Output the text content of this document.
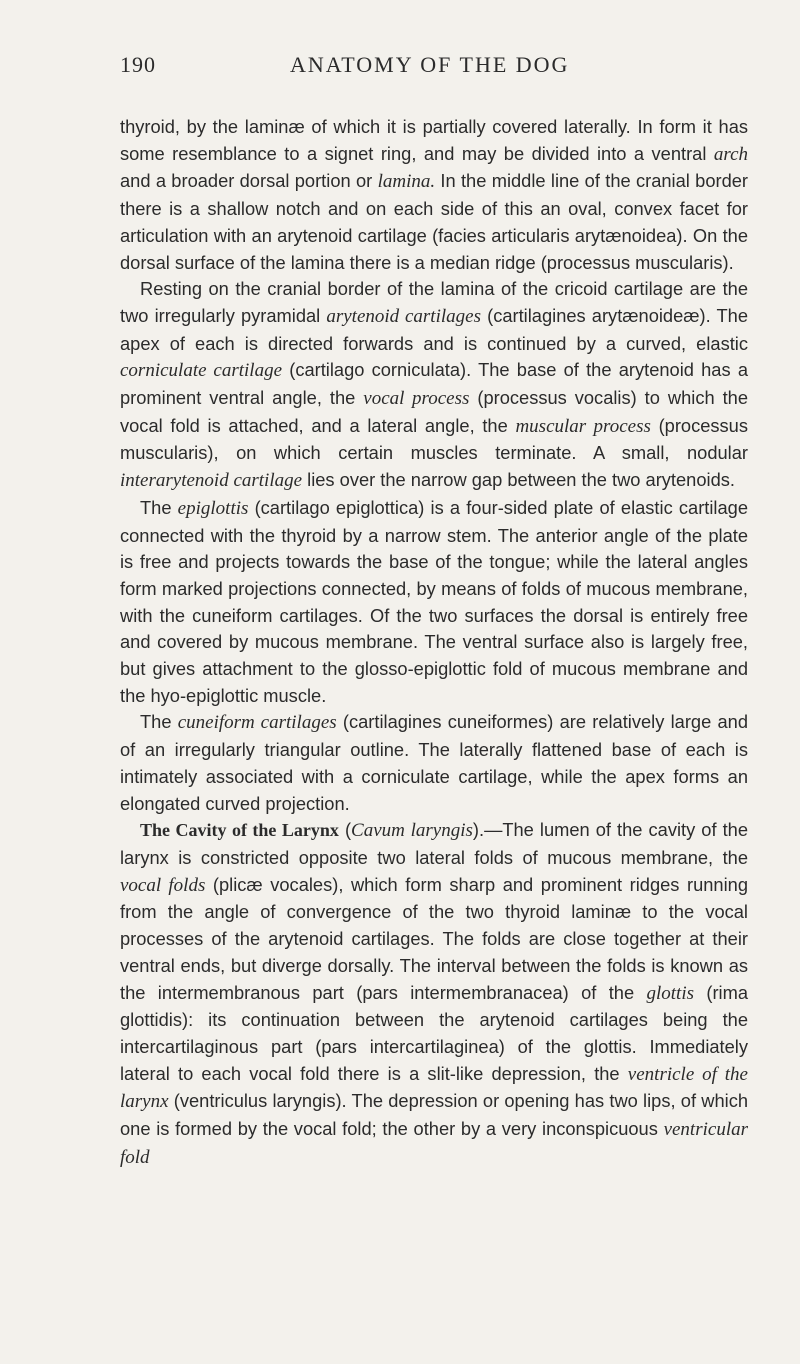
190	ANATOMY OF THE DOG

thyroid, by the laminæ of which it is partially covered laterally. In form it has some resemblance to a signet ring, and may be divided into a ventral arch and a broader dorsal portion or lamina. In the middle line of the cranial border there is a shallow notch and on each side of this an oval, convex facet for articulation with an arytenoid cartilage (facies articularis arytænoidea). On the dorsal surface of the lamina there is a median ridge (processus muscularis).

Resting on the cranial border of the lamina of the cricoid cartilage are the two irregularly pyramidal arytenoid cartilages (cartilagines arytænoideæ). The apex of each is directed forwards and is continued by a curved, elastic corniculate cartilage (cartilago corniculata). The base of the arytenoid has a prominent ventral angle, the vocal process (processus vocalis) to which the vocal fold is attached, and a lateral angle, the muscular process (processus muscularis), on which certain muscles terminate. A small, nodular interarytenoid cartilage lies over the narrow gap between the two arytenoids.

The epiglottis (cartilago epiglottica) is a four-sided plate of elastic cartilage connected with the thyroid by a narrow stem. The anterior angle of the plate is free and projects towards the base of the tongue; while the lateral angles form marked projections connected, by means of folds of mucous membrane, with the cuneiform cartilages. Of the two surfaces the dorsal is entirely free and covered by mucous membrane. The ventral surface also is largely free, but gives attachment to the glosso-epiglottic fold of mucous membrane and the hyo-epiglottic muscle.

The cuneiform cartilages (cartilagines cuneiformes) are relatively large and of an irregularly triangular outline. The laterally flattened base of each is intimately associated with a corniculate cartilage, while the apex forms an elongated curved projection.

The Cavity of the Larynx (Cavum laryngis).—The lumen of the cavity of the larynx is constricted opposite two lateral folds of mucous membrane, the vocal folds (plicæ vocales), which form sharp and prominent ridges running from the angle of convergence of the two thyroid laminæ to the vocal processes of the arytenoid cartilages. The folds are close together at their ventral ends, but diverge dorsally. The interval between the folds is known as the intermembranous part (pars intermembranacea) of the glottis (rima glottidis): its continuation between the arytenoid cartilages being the intercartilaginous part (pars intercartilaginea) of the glottis. Immediately lateral to each vocal fold there is a slit-like depression, the ventricle of the larynx (ventriculus laryngis). The depression or opening has two lips, of which one is formed by the vocal fold; the other by a very inconspicuous ventricular fold
